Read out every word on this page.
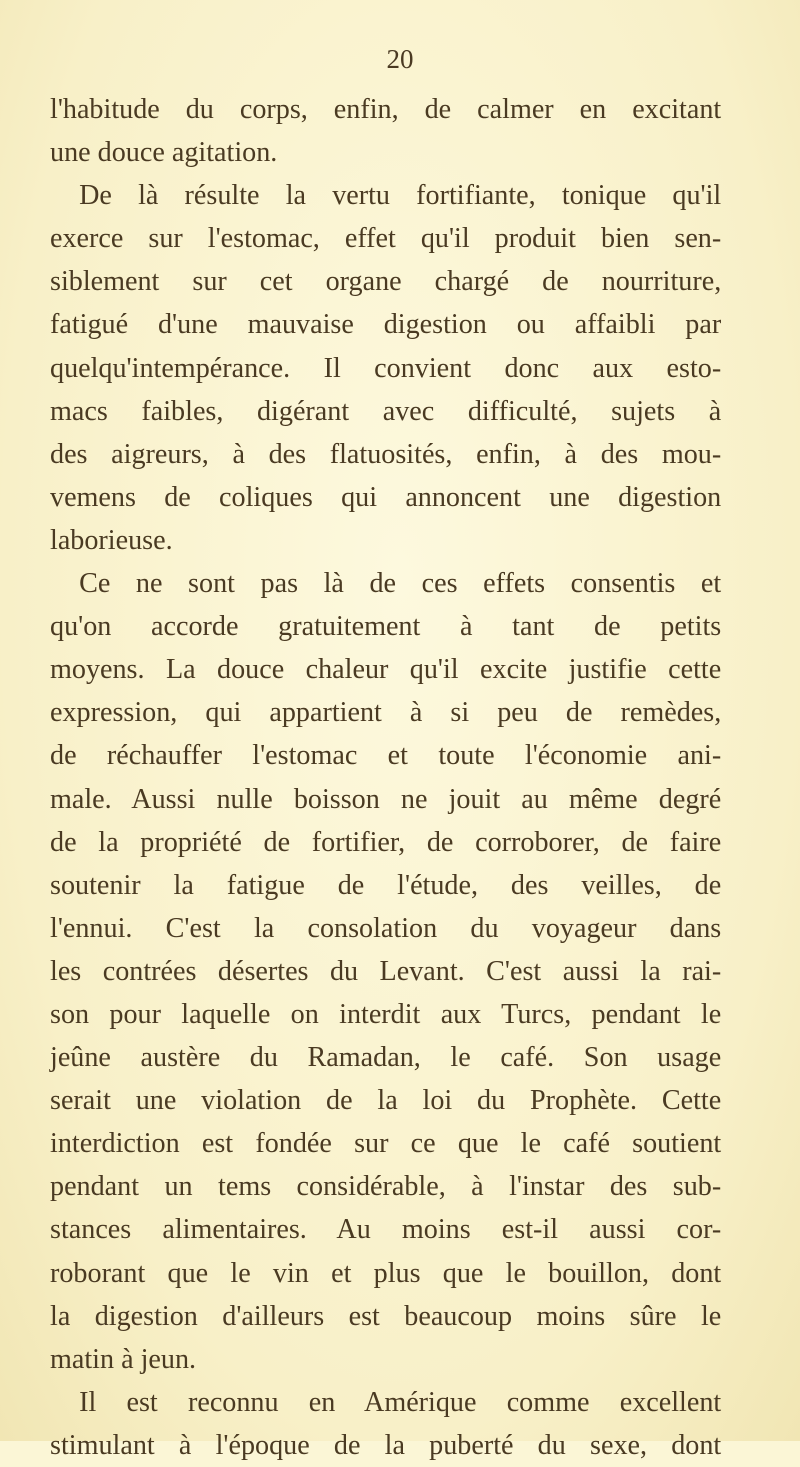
20
l'habitude du corps, enfin, de calmer en excitant
une douce agitation.
De là résulte la vertu fortifiante, tonique qu'il
exerce sur l'estomac, effet qu'il produit bien sen-
siblement sur cet organe chargé de nourriture,
fatigué d'une mauvaise digestion ou affaibli par
quelqu'intempérance. Il convient donc aux esto-
macs faibles, digérant avec difficulté, sujets à
des aigreurs, à des flatuosités, enfin, à des mou-
vemens de coliques qui annoncent une digestion
laborieuse.
Ce ne sont pas là de ces effets consentis et
qu'on accorde gratuitement à tant de petits
moyens. La douce chaleur qu'il excite justifie cette
expression, qui appartient à si peu de remèdes,
de réchauffer l'estomac et toute l'économie ani-
male. Aussi nulle boisson ne jouit au même degré
de la propriété de fortifier, de corroborer, de faire
soutenir la fatigue de l'étude, des veilles, de
l'ennui. C'est la consolation du voyageur dans
les contrées désertes du Levant. C'est aussi la rai-
son pour laquelle on interdit aux Turcs, pendant le
jeûne austère du Ramadan, le café. Son usage
serait une violation de la loi du Prophète. Cette
interdiction est fondée sur ce que le café soutient
pendant un tems considérable, à l'instar des sub-
stances alimentaires. Au moins est-il aussi cor-
roborant que le vin et plus que le bouillon, dont
la digestion d'ailleurs est beaucoup moins sûre le
matin à jeun.
Il est reconnu en Amérique comme excellent
stimulant à l'époque de la puberté du sexe, dont
